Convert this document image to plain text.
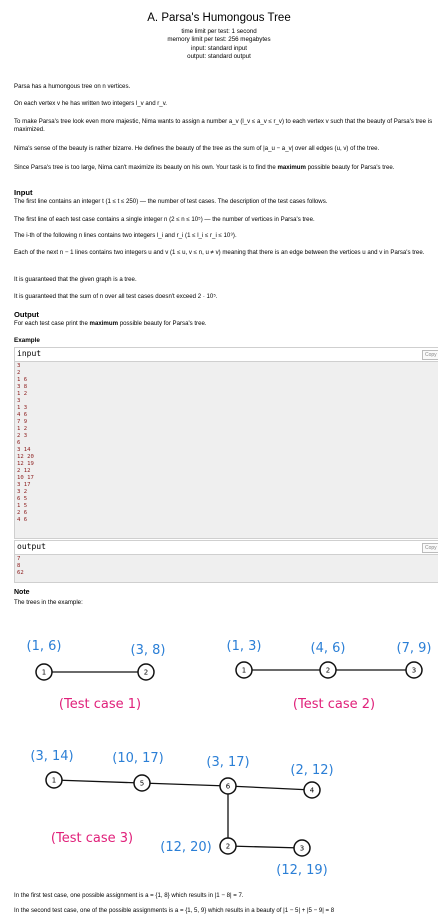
A. Parsa's Humongous Tree
time limit per test: 1 second
memory limit per test: 256 megabytes
input: standard input
output: standard output
Parsa has a humongous tree on n vertices.
On each vertex v he has written two integers l_v and r_v.
To make Parsa's tree look even more majestic, Nima wants to assign a number a_v (l_v ≤ a_v ≤ r_v) to each vertex v such that the beauty of Parsa's tree is maximized.
Nima's sense of the beauty is rather bizarre. He defines the beauty of the tree as the sum of |a_u − a_v| over all edges (u, v) of the tree.
Since Parsa's tree is too large, Nima can't maximize its beauty on his own. Your task is to find the maximum possible beauty for Parsa's tree.
Input
The first line contains an integer t (1 ≤ t ≤ 250) — the number of test cases. The description of the test cases follows.
The first line of each test case contains a single integer n (2 ≤ n ≤ 10⁵) — the number of vertices in Parsa's tree.
The i-th of the following n lines contains two integers l_i and r_i (1 ≤ l_i ≤ r_i ≤ 10⁹).
Each of the next n − 1 lines contains two integers u and v (1 ≤ u, v ≤ n, u ≠ v) meaning that there is an edge between the vertices u and v in Parsa's tree.
It is guaranteed that the given graph is a tree.
It is guaranteed that the sum of n over all test cases doesn't exceed 2 · 10⁵.
Output
For each test case print the maximum possible beauty for Parsa's tree.
Example
input	Copy
3
2
1 6
3 8
1 2
3
1 3
4 6
7 9
1 2
2 3
6
3 14
12 20
12 19
2 12
10 17
3 17
3 2
6 5
1 5
2 6
4 6
output	Copy
7
8
62
Note
The trees in the example:
1	2
(1, 6)	(3, 8)
(Test case 1)
1	2	3
(1, 3)	(4, 6)	(7, 9)
(Test case 2)
1	5	6	4
2	3
(3, 14)	(10, 17)	(3, 17)
(2, 12)
(12, 20)
(12, 19)
(Test case 3)
In the first test case, one possible assignment is a = {1, 8} which results in |1 − 8| = 7.
In the second test case, one of the possible assignments is a = {1, 5, 9} which results in a beauty of |1 − 5| + |5 − 9| = 8
